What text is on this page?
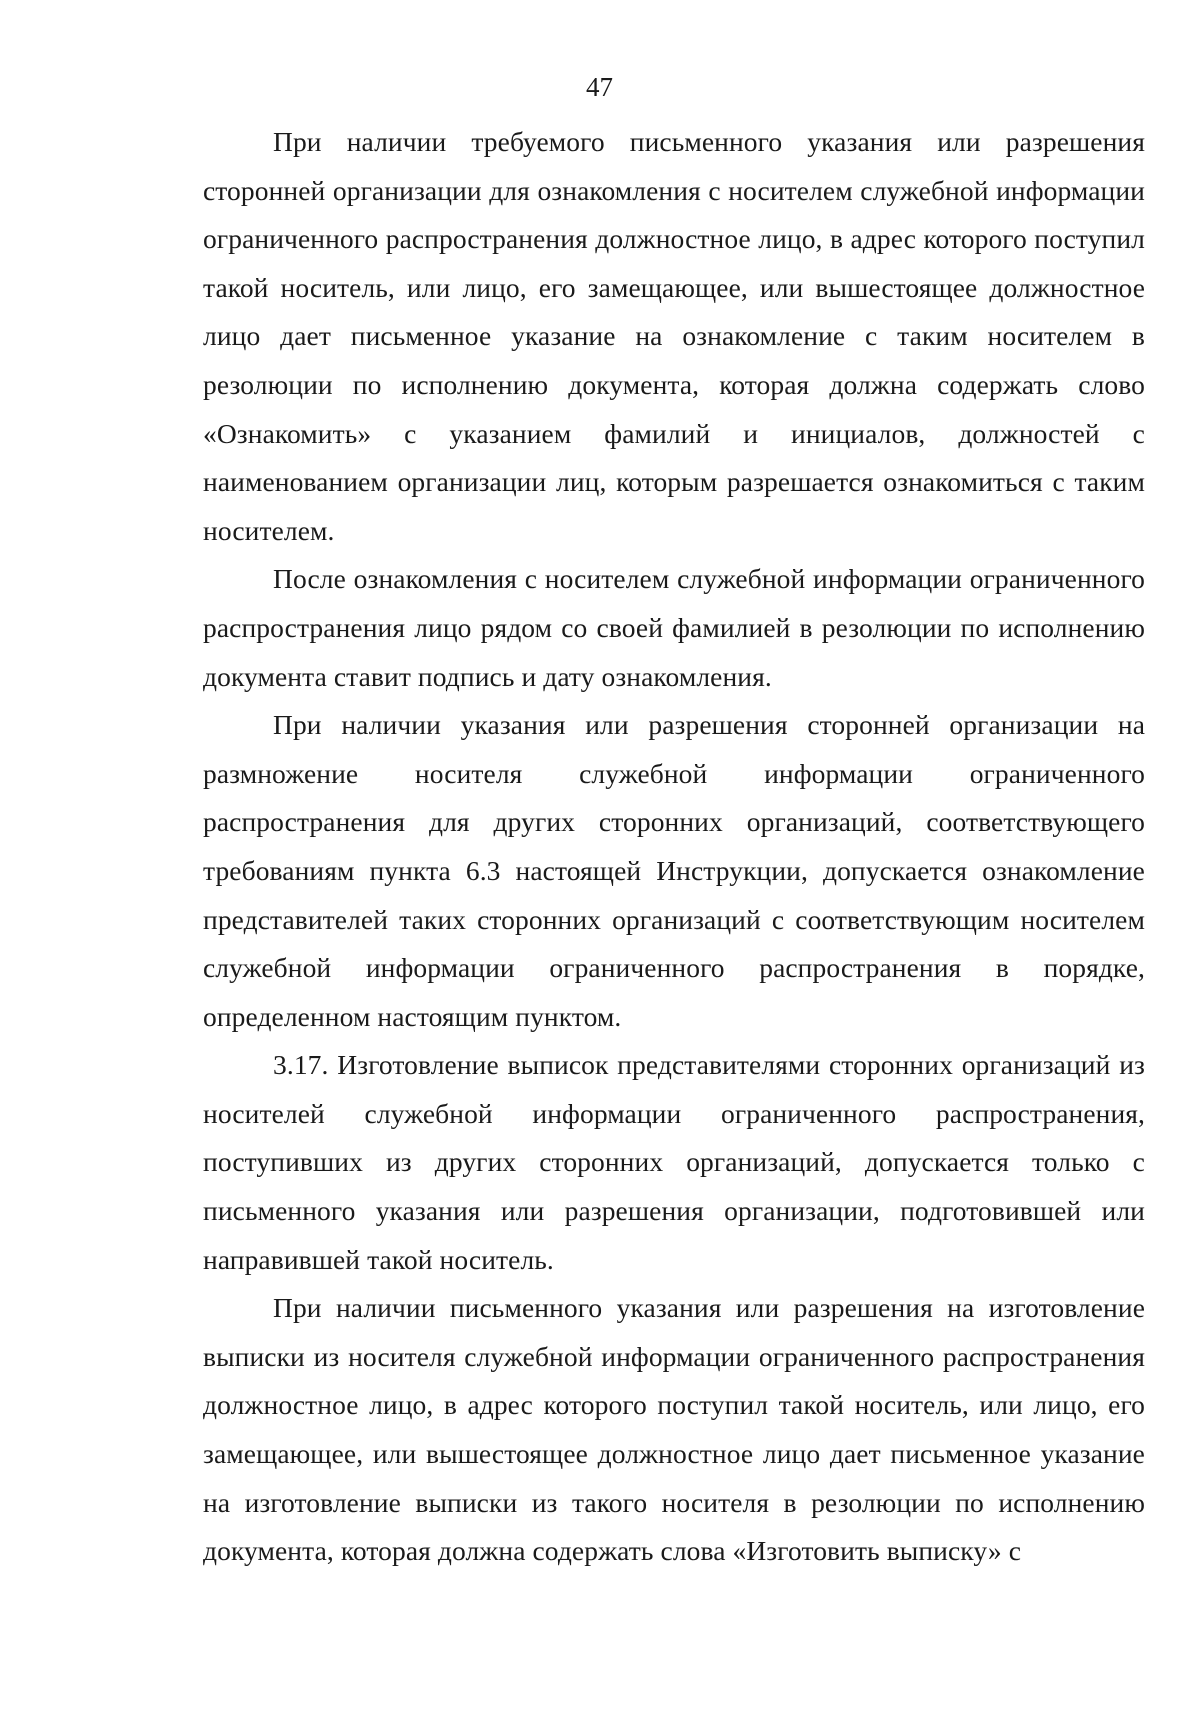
47

При наличии требуемого письменного указания или разрешения сторонней организации для ознакомления с носителем служебной информации ограниченного распространения должностное лицо, в адрес которого поступил такой носитель, или лицо, его замещающее, или вышестоящее должностное лицо дает письменное указание на ознакомление с таким носителем в резолюции по исполнению документа, которая должна содержать слово «Ознакомить» с указанием фамилий и инициалов, должностей с наименованием организации лиц, которым разрешается ознакомиться с таким носителем.

После ознакомления с носителем служебной информации ограниченного распространения лицо рядом со своей фамилией в резолюции по исполнению документа ставит подпись и дату ознакомления.

При наличии указания или разрешения сторонней организации на размножение носителя служебной информации ограниченного распространения для других сторонних организаций, соответствующего требованиям пункта 6.3 настоящей Инструкции, допускается ознакомление представителей таких сторонних организаций с соответствующим носителем служебной информации ограниченного распространения в порядке, определенном настоящим пунктом.

3.17. Изготовление выписок представителями сторонних организаций из носителей служебной информации ограниченного распространения, поступивших из других сторонних организаций, допускается только с письменного указания или разрешения организации, подготовившей или направившей такой носитель.

При наличии письменного указания или разрешения на изготовление выписки из носителя служебной информации ограниченного распространения должностное лицо, в адрес которого поступил такой носитель, или лицо, его замещающее, или вышестоящее должностное лицо дает письменное указание на изготовление выписки из такого носителя в резолюции по исполнению документа, которая должна содержать слова «Изготовить выписку» с
